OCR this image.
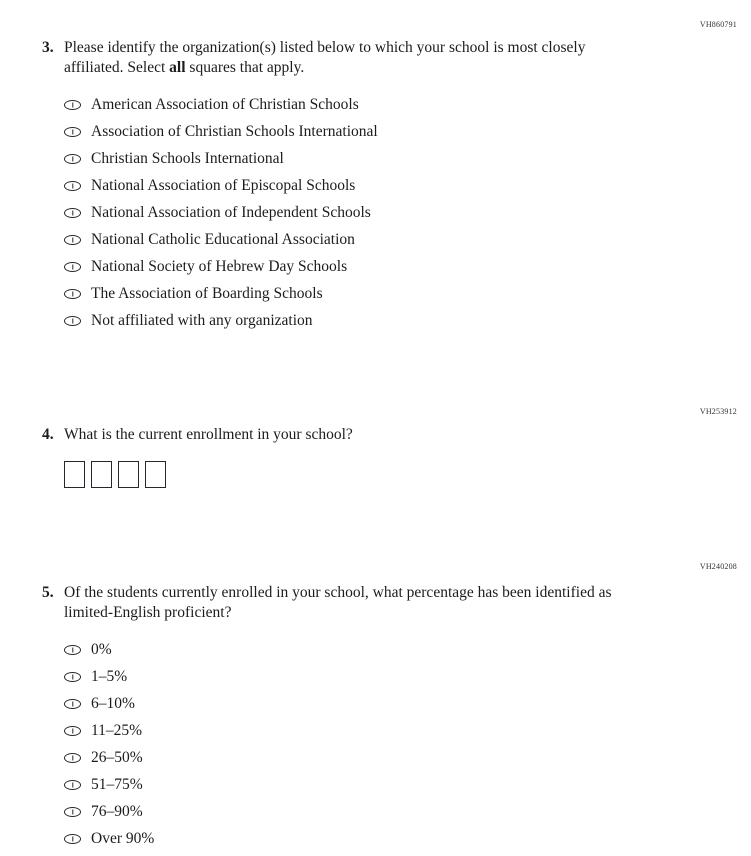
VH860791
VH253912
VH240208
3. Please identify the organization(s) listed below to which your school is most closely affiliated. Select all squares that apply.
American Association of Christian Schools
Association of Christian Schools International
Christian Schools International
National Association of Episcopal Schools
National Association of Independent Schools
National Catholic Educational Association
National Society of Hebrew Day Schools
The Association of Boarding Schools
Not affiliated with any organization
4. What is the current enrollment in your school?
5. Of the students currently enrolled in your school, what percentage has been identified as limited-English proficient?
0%
1–5%
6–10%
11–25%
26–50%
51–75%
76–90%
Over 90%
